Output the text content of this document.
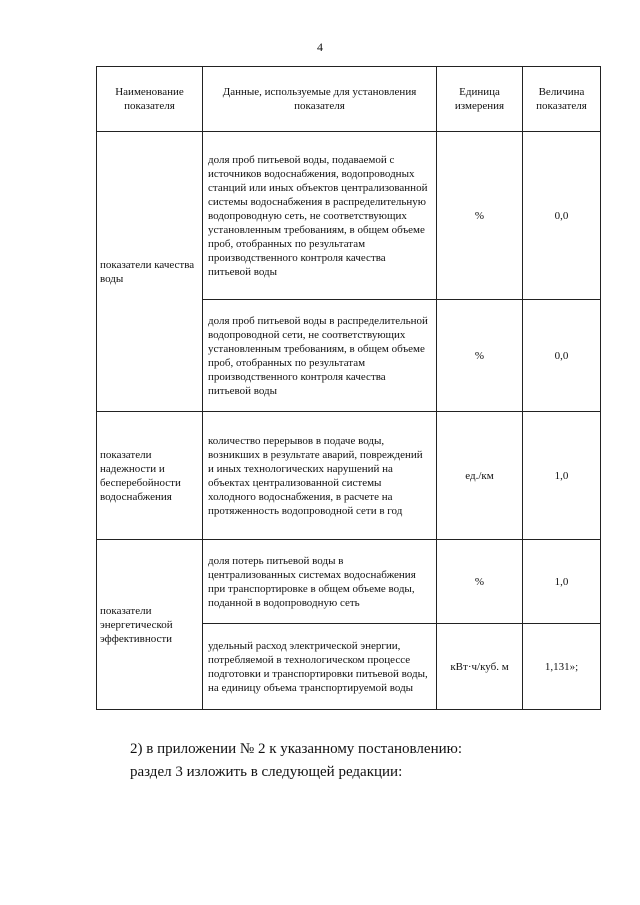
4
Наименование показателя	Данные, используемые для установления показателя	Единица измерения	Величина показателя
показатели качества воды	доля проб питьевой воды, подаваемой с источников водоснабжения, водопроводных станций или иных объектов централизованной системы водоснабжения в распределительную водопроводную сеть, не соответствующих установленным требованиям, в общем объеме проб, отобранных по результатам производственного контроля качества питьевой воды	%	0,0
	доля проб питьевой воды в распределительной водопроводной сети, не соответствующих установленным требованиям, в общем объеме проб, отобранных по результатам производственного контроля качества питьевой воды	%	0,0
показатели надежности и бесперебойности водоснабжения	количество перерывов в подаче воды, возникших в результате аварий, повреждений и иных технологических нарушений на объектах централизованной системы холодного водоснабжения, в расчете на протяженность водопроводной сети в год	ед./км	1,0
показатели энергетической эффективности	доля потерь питьевой воды в централизованных системах водоснабжения при транспортировке в общем объеме воды, поданной в водопроводную сеть	%	1,0
	удельный расход электрической энергии, потребляемой в технологическом процессе подготовки и транспортировки питьевой воды, на единицу объема транспортируемой воды	кВт·ч/куб. м	1,131»;

2) в приложении № 2 к указанному постановлению:

раздел 3 изложить в следующей редакции:
